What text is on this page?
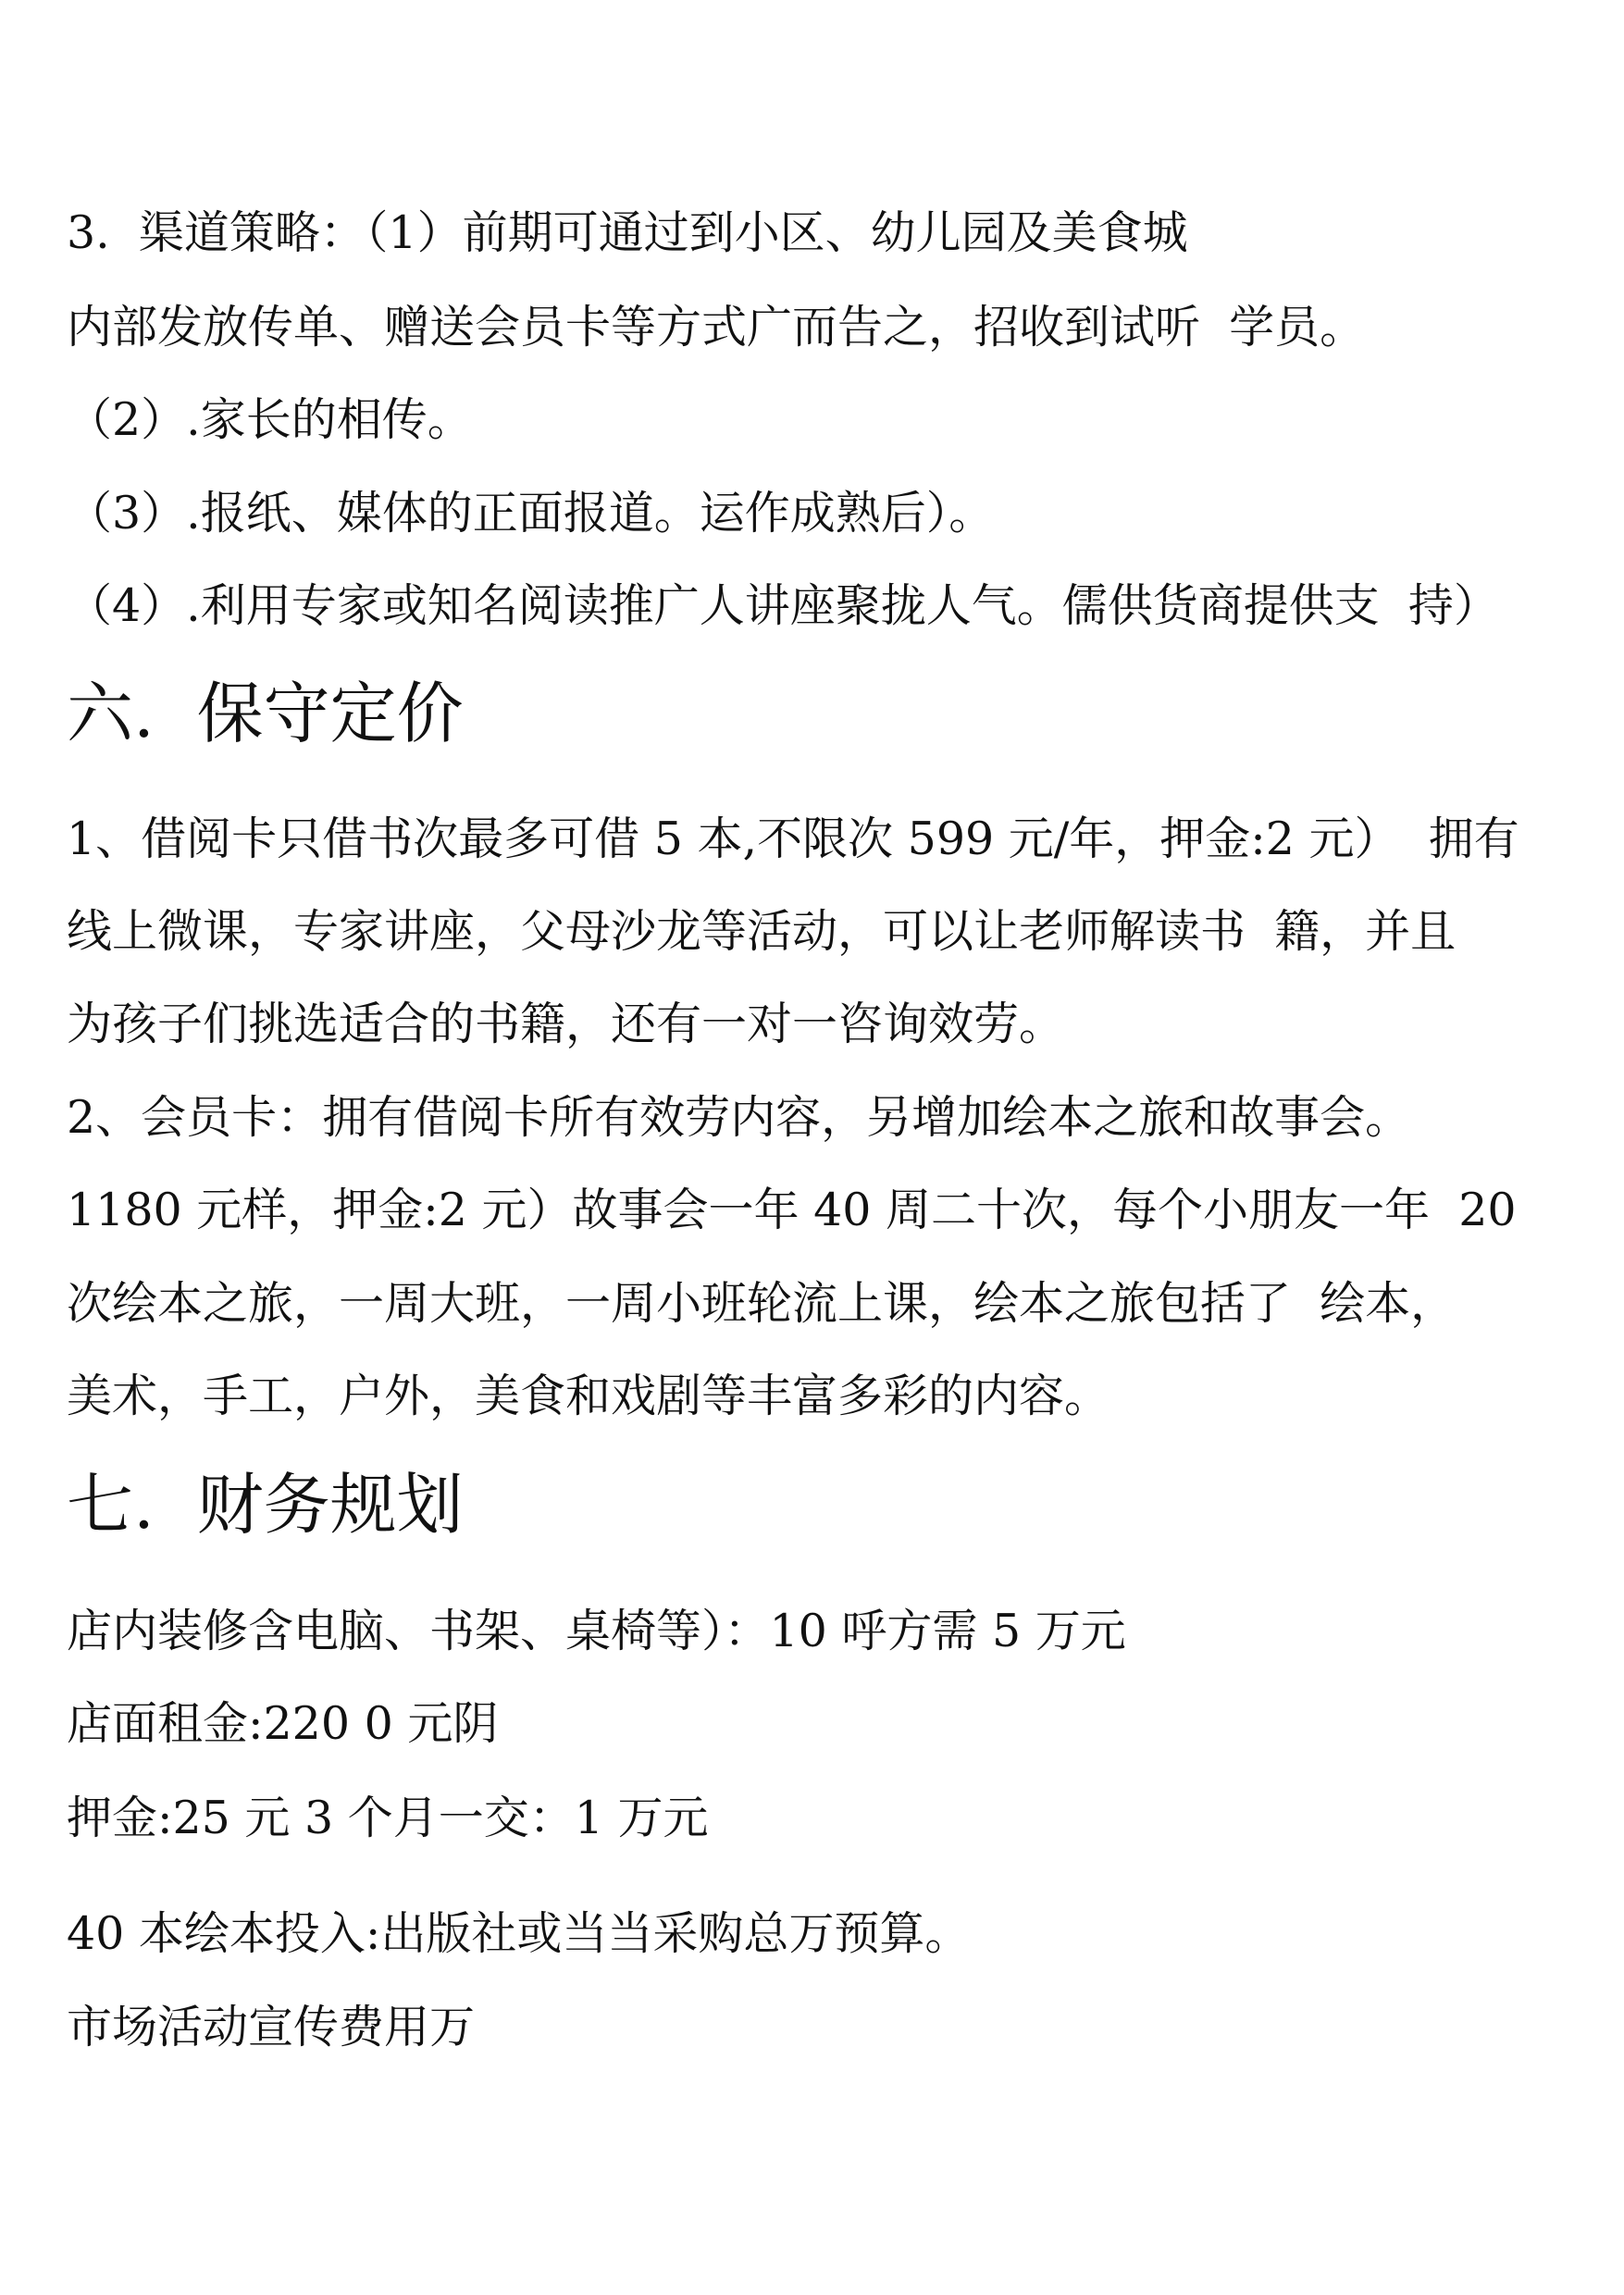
3.  渠道策略：（1）前期可通过到小区、幼儿园及美食城
内部发放传单、赠送会员卡等方式广而告之，招收到试听  学员。
（2）.家长的相传。
（3）.报纸、媒体的正面报道。运作成熟后）。
（4）.利用专家或知名阅读推广人讲座聚拢人气。儒供货商提供支  持）
六.  保守定价
1、借阅卡只借书次最多可借 5 本,不限次 599 元/年，押金:2 元）  拥有
线上微课，专家讲座，父母沙龙等活动，可以让老师解读书  籍，并且
为孩子们挑选适合的书籍，还有一对一咨询效劳。
2、会员卡：拥有借阅卡所有效劳内容，另增加绘本之旅和故事会。
1180 元样，押金:2 元）故事会一年 40 周二十次，每个小朋友一年  20
次绘本之旅，一周大班，一周小班轮流上课，绘本之旅包括了  绘本，
美术，手工，户外，美食和戏剧等丰富多彩的内容。
七.  财务规划
店内装修含电脑、书架、桌椅等）：10 呼方需 5 万元
店面租金:220 0 元阴
押金:25 元 3 个月一交：1 万元
40 本绘本投入:出版社或当当采购总万预算。
市场活动宣传费用万
